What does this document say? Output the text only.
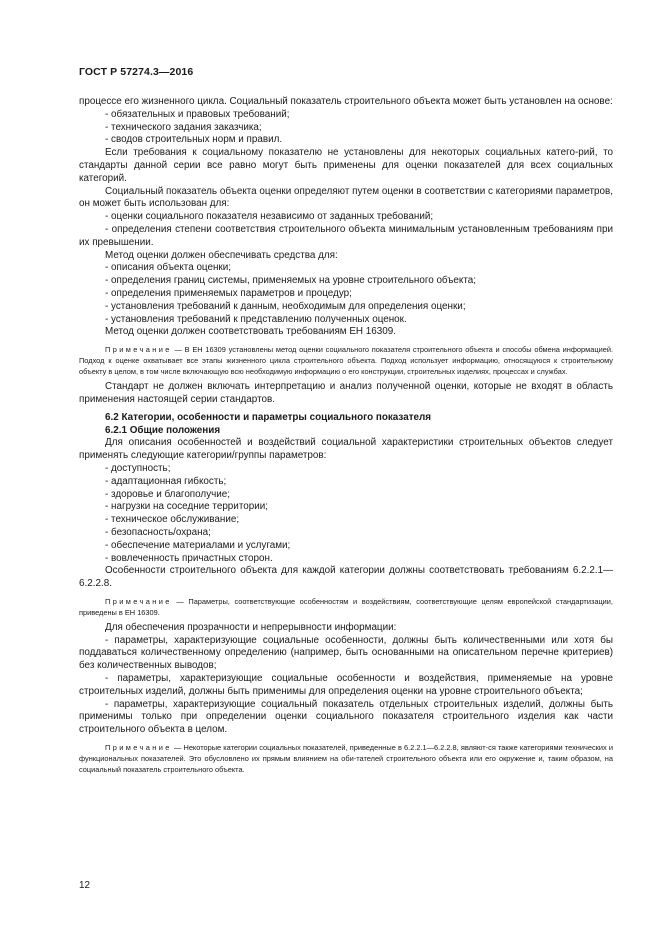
ГОСТ Р 57274.3—2016

процессе его жизненного цикла. Социальный показатель строительного объекта может быть установлен на основе:

- обязательных и правовых требований;

- технического задания заказчика;

- сводов строительных норм и правил.

Если требования к социальному показателю не установлены для некоторых социальных катего-рий, то стандарты данной серии все равно могут быть применены для оценки показателей для всех социальных категорий.

Социальный показатель объекта оценки определяют путем оценки в соответствии с категориями параметров, он может быть использован для:

- оценки социального показателя независимо от заданных требований;

- определения степени соответствия строительного объекта минимальным установленным требованиям при их превышении.

Метод оценки должен обеспечивать средства для:

- описания объекта оценки;

- определения границ системы, применяемых на уровне строительного объекта;

- определения применяемых параметров и процедур;

- установления требований к данным, необходимым для определения оценки;

- установления требований к представлению полученных оценок.

Метод оценки должен соответствовать требованиям ЕН 16309.

Примечание — В ЕН 16309 установлены метод оценки социального показателя строительного объекта и способы обмена информацией. Подход к оценке охватывает все этапы жизненного цикла строительного объекта. Подход использует информацию, относящуюся к строительному объекту в целом, в том числе включающую всю необходимую информацию о его конструкции, строительных изделиях, процессах и службах.

Стандарт не должен включать интерпретацию и анализ полученной оценки, которые не входят в область применения настоящей серии стандартов.

6.2 Категории, особенности и параметры социального показателя

6.2.1 Общие положения

Для описания особенностей и воздействий социальной характеристики строительных объектов следует применять следующие категории/группы параметров:

- доступность;

- адаптационная гибкость;

- здоровье и благополучие;

- нагрузки на соседние территории;

- техническое обслуживание;

- безопасность/охрана;

- обеспечение материалами и услугами;

- вовлеченность причастных сторон.

Особенности строительного объекта для каждой категории должны соответствовать требованиям 6.2.2.1—6.2.2.8.

Примечание — Параметры, соответствующие особенностям и воздействиям, соответствующие целям европейской стандартизации, приведены в ЕН 16309.

Для обеспечения прозрачности и непрерывности информации:

- параметры, характеризующие социальные особенности, должны быть количественными или хотя бы поддаваться количественному определению (например, быть основанными на описательном перечне критериев) без количественных выводов;

- параметры, характеризующие социальные особенности и воздействия, применяемые на уровне строительных изделий, должны быть применимы для определения оценки на уровне строительного объекта;

- параметры, характеризующие социальный показатель отдельных строительных изделий, должны быть применимы только при определении оценки социального показателя строительного изделия как части строительного объекта в целом.

Примечание — Некоторые категории социальных показателей, приведенные в 6.2.2.1—6.2.2.8, являют-ся также категориями технических и функциональных показателей. Это обусловлено их прямым влиянием на оби-тателей строительного объекта или его окружение и, таким образом, на социальный показатель строительного объекта.

12
